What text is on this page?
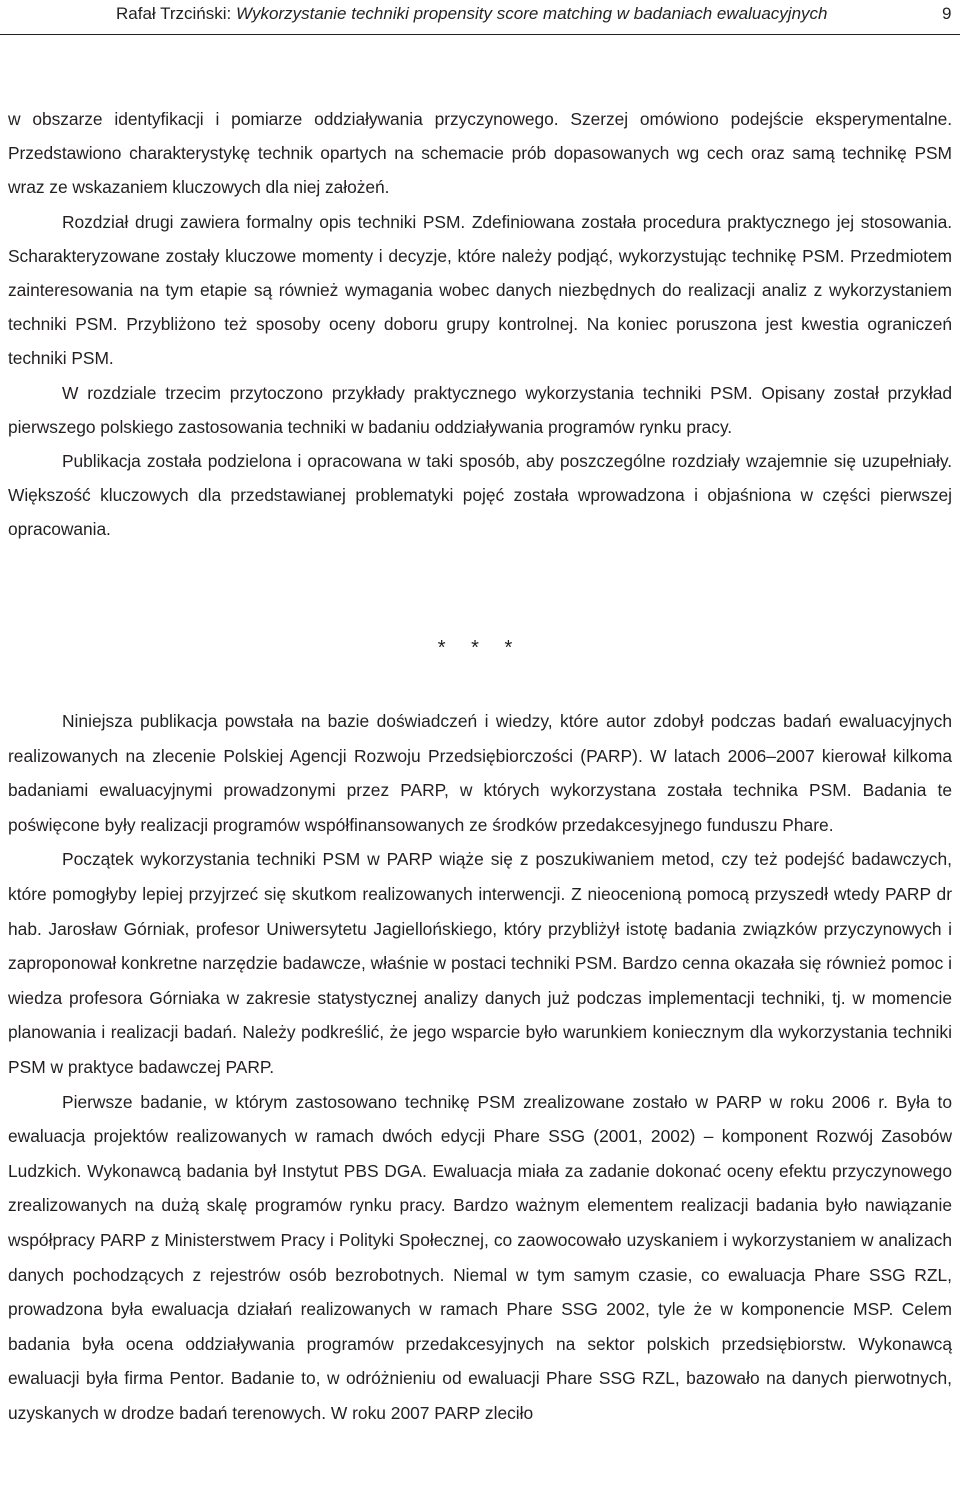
Rafał Trzciński: Wykorzystanie techniki propensity score matching w badaniach ewaluacyjnych	9

w obszarze identyfikacji i pomiarze oddziaływania przyczynowego. Szerzej omówiono podejście eksperymentalne. Przedstawiono charakterystykę technik opartych na schemacie prób dopasowanych wg cech oraz samą technikę PSM wraz ze wskazaniem kluczowych dla niej założeń.

Rozdział drugi zawiera formalny opis techniki PSM. Zdefiniowana została procedura praktycznego jej stosowania. Scharakteryzowane zostały kluczowe momenty i decyzje, które należy podjąć, wykorzystując technikę PSM. Przedmiotem zainteresowania na tym etapie są również wymagania wobec danych niezbędnych do realizacji analiz z wykorzystaniem techniki PSM. Przybliżono też sposoby oceny doboru grupy kontrolnej. Na koniec poruszona jest kwestia ograniczeń techniki PSM.

W rozdziale trzecim przytoczono przykłady praktycznego wykorzystania techniki PSM. Opisany został przykład pierwszego polskiego zastosowania techniki w badaniu oddziaływania programów rynku pracy.

Publikacja została podzielona i opracowana w taki sposób, aby poszczególne rozdziały wzajemnie się uzupełniały. Większość kluczowych dla przedstawianej problematyki pojęć została wprowadzona i objaśniona w części pierwszej opracowania.

* * *

Niniejsza publikacja powstała na bazie doświadczeń i wiedzy, które autor zdobył podczas badań ewaluacyjnych realizowanych na zlecenie Polskiej Agencji Rozwoju Przedsiębiorczości (PARP). W latach 2006–2007 kierował kilkoma badaniami ewaluacyjnymi prowadzonymi przez PARP, w których wykorzystana została technika PSM. Badania te poświęcone były realizacji programów współfinansowanych ze środków przedakcesyjnego funduszu Phare.

Początek wykorzystania techniki PSM w PARP wiąże się z poszukiwaniem metod, czy też podejść badawczych, które pomogłyby lepiej przyjrzeć się skutkom realizowanych interwencji. Z nieocenioną pomocą przyszedł wtedy PARP dr hab. Jarosław Górniak, profesor Uniwersytetu Jagiellońskiego, który przybliżył istotę badania związków przyczynowych i zaproponował konkretne narzędzie badawcze, właśnie w postaci techniki PSM. Bardzo cenna okazała się również pomoc i wiedza profesora Górniaka w zakresie statystycznej analizy danych już podczas implementacji techniki, tj. w momencie planowania i realizacji badań. Należy podkreślić, że jego wsparcie było warunkiem koniecznym dla wykorzystania techniki PSM w praktyce badawczej PARP.

Pierwsze badanie, w którym zastosowano technikę PSM zrealizowane zostało w PARP w roku 2006 r. Była to ewaluacja projektów realizowanych w ramach dwóch edycji Phare SSG (2001, 2002) – komponent Rozwój Zasobów Ludzkich. Wykonawcą badania był Instytut PBS DGA. Ewaluacja miała za zadanie dokonać oceny efektu przyczynowego zrealizowanych na dużą skalę programów rynku pracy. Bardzo ważnym elementem realizacji badania było nawiązanie współpracy PARP z Ministerstwem Pracy i Polityki Społecznej, co zaowocowało uzyskaniem i wykorzystaniem w analizach danych pochodzących z rejestrów osób bezrobotnych. Niemal w tym samym czasie, co ewaluacja Phare SSG RZL, prowadzona była ewaluacja działań realizowanych w ramach Phare SSG 2002, tyle że w komponencie MSP. Celem badania była ocena oddziaływania programów przedakcesyjnych na sektor polskich przedsiębiorstw. Wykonawcą ewaluacji była firma Pentor. Badanie to, w odróżnieniu od ewaluacji Phare SSG RZL, bazowało na danych pierwotnych, uzyskanych w drodze badań terenowych. W roku 2007 PARP zleciło
